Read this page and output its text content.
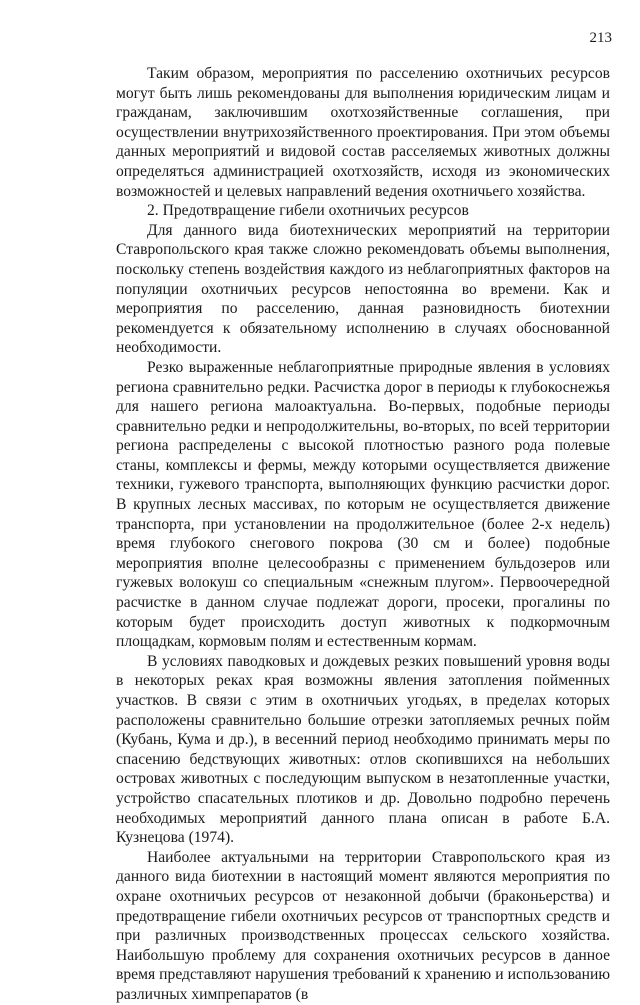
213

Таким образом, мероприятия по расселению охотничьих ресурсов могут быть лишь рекомендованы для выполнения юридическим лицам и гражданам, заключившим охотхозяйственные соглашения, при осуществлении внутрихозяйственного проектирования. При этом объемы данных мероприятий и видовой состав расселяемых животных должны определяться администрацией охотхозяйств, исходя из экономических возможностей и целевых направлений ведения охотничьего хозяйства.

2. Предотвращение гибели охотничьих ресурсов

Для данного вида биотехнических мероприятий на территории Ставропольского края также сложно рекомендовать объемы выполнения, поскольку степень воздействия каждого из неблагоприятных факторов на популяции охотничьих ресурсов непостоянна во времени. Как и мероприятия по расселению, данная разновидность биотехнии рекомендуется к обязательному исполнению в случаях обоснованной необходимости.

Резко выраженные неблагоприятные природные явления в условиях региона сравнительно редки. Расчистка дорог в периоды к глубокоснежья для нашего региона малоактуальна. Во-первых, подобные периоды сравнительно редки и непродолжительны, во-вторых, по всей территории региона распределены с высокой плотностью разного рода полевые станы, комплексы и фермы, между которыми осуществляется движение техники, гужевого транспорта, выполняющих функцию расчистки дорог. В крупных лесных массивах, по которым не осуществляется движение транспорта, при установлении на продолжительное (более 2-х недель) время глубокого снегового покрова (30 см и более) подобные мероприятия вполне целесообразны с применением бульдозеров или гужевых волокуш со специальным «снежным плугом». Первоочередной расчистке в данном случае подлежат дороги, просеки, прогалины по которым будет происходить доступ животных к подкормочным площадкам, кормовым полям и естественным кормам.

В условиях паводковых и дождевых резких повышений уровня воды в некоторых реках края возможны явления затопления пойменных участков. В связи с этим в охотничьих угодьях, в пределах которых расположены сравнительно большие отрезки затопляемых речных пойм (Кубань, Кума и др.), в весенний период необходимо принимать меры по спасению бедствующих животных: отлов скопившихся на небольших островах животных с последующим выпуском в незатопленные участки, устройство спасательных плотиков и др. Довольно подробно перечень необходимых мероприятий данного плана описан в работе Б.А. Кузнецова (1974).

Наиболее актуальными на территории Ставропольского края из данного вида биотехнии в настоящий момент являются мероприятия по охране охотничьих ресурсов от незаконной добычи (браконьерства) и предотвращение гибели охотничьих ресурсов от транспортных средств и при различных производственных процессах сельского хозяйства. Наибольшую проблему для сохранения охотничьих ресурсов в данное время представляют нарушения требований к хранению и использованию различных химпрепаратов (в
